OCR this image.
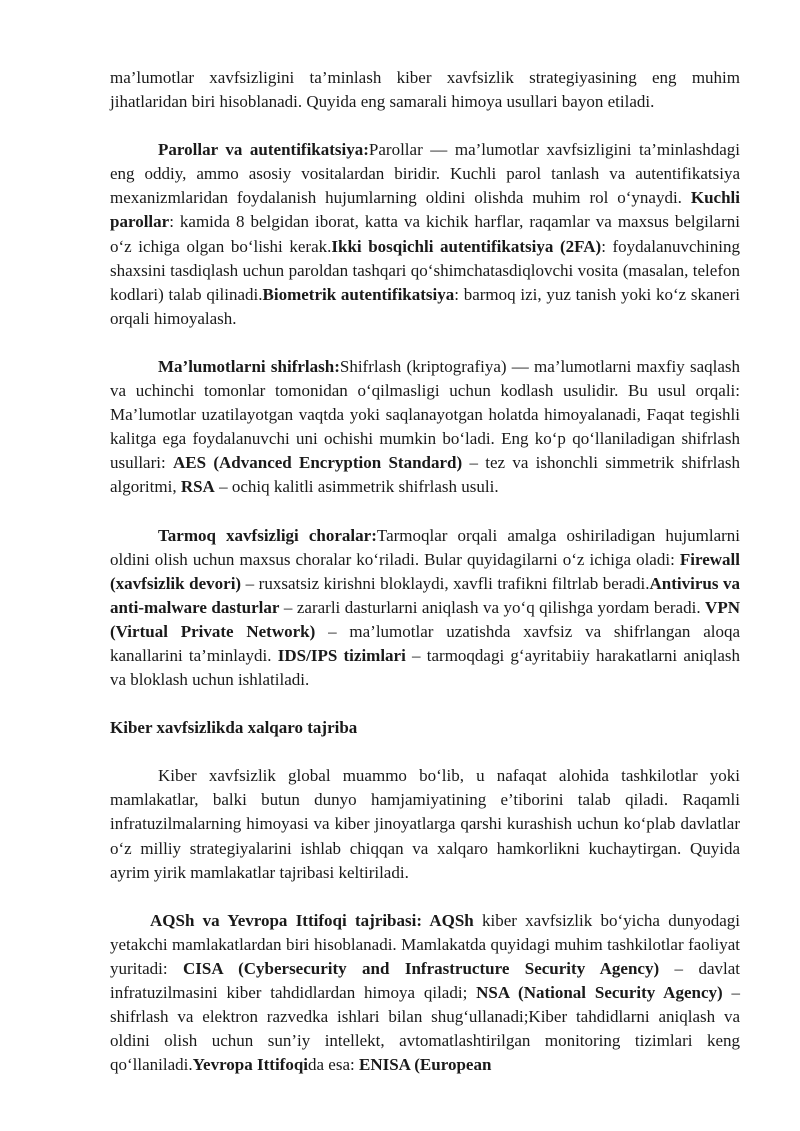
ma’lumotlar xavfsizligini ta’minlash kiber xavfsizlik strategiyasining eng muhim jihatlaridan biri hisoblanadi. Quyida eng samarali himoya usullari bayon etiladi.

Parollar va autentifikatsiya:Parollar — ma’lumotlar xavfsizligini ta’minlashdagi eng oddiy, ammo asosiy vositalardan biridir. Kuchli parol tanlash va autentifikatsiya mexanizmlaridan foydalanish hujumlarning oldini olishda muhim rol o‘ynaydi. Kuchli parollar: kamida 8 belgidan iborat, katta va kichik harflar, raqamlar va maxsus belgilarni o‘z ichiga olgan bo‘lishi kerak.Ikki bosqichli autentifikatsiya (2FA): foydalanuvchining shaxsini tasdiqlash uchun paroldan tashqari qo‘shimchatasdiqlovchi vosita (masalan, telefon kodlari) talab qilinadi.Biometrik autentifikatsiya: barmoq izi, yuz tanish yoki ko‘z skaneri orqali himoyalash.

Ma’lumotlarni shifrlash:Shifrlash (kriptografiya) — ma’lumotlarni maxfiy saqlash va uchinchi tomonlar tomonidan o‘qilmasligi uchun kodlash usulidir. Bu usul orqali: Ma’lumotlar uzatilayotgan vaqtda yoki saqlanayotgan holatda himoyalanadi, Faqat tegishli kalitga ega foydalanuvchi uni ochishi mumkin bo‘ladi. Eng ko‘p qo‘llaniladigan shifrlash usullari: AES (Advanced Encryption Standard) – tez va ishonchli simmetrik shifrlash algoritmi, RSA – ochiq kalitli asimmetrik shifrlash usuli.

Tarmoq xavfsizligi choralar:Tarmoqlar orqali amalga oshiriladigan hujumlarni oldini olish uchun maxsus choralar ko‘riladi. Bular quyidagilarni o‘z ichiga oladi: Firewall (xavfsizlik devori) – ruxsatsiz kirishni bloklaydi, xavfli trafikni filtrlab beradi.Antivirus va anti-malware dasturlar – zararli dasturlarni aniqlash va yo‘q qilishga yordam beradi. VPN (Virtual Private Network) – ma’lumotlar uzatishda xavfsiz va shifrlangan aloqa kanallarini ta’minlaydi. IDS/IPS tizimlari – tarmoqdagi g‘ayritabiiy harakatlarni aniqlash va bloklash uchun ishlatiladi.

Kiber xavfsizlikda xalqaro tajriba

Kiber xavfsizlik global muammo bo‘lib, u nafaqat alohida tashkilotlar yoki mamlakatlar, balki butun dunyo hamjamiyatining e’tiborini talab qiladi. Raqamli infratuzilmalarning himoyasi va kiber jinoyatlarga qarshi kurashish uchun ko‘plab davlatlar o‘z milliy strategiyalarini ishlab chiqqan va xalqaro hamkorlikni kuchaytirgan. Quyida ayrim yirik mamlakatlar tajribasi keltiriladi.

AQSh va Yevropa Ittifoqi tajribasi: AQSh kiber xavfsizlik bo‘yicha dunyodagi yetakchi mamlakatlardan biri hisoblanadi. Mamlakatda quyidagi muhim tashkilotlar faoliyat yuritadi: CISA (Cybersecurity and Infrastructure Security Agency) – davlat infratuzilmasini kiber tahdidlardan himoya qiladi; NSA (National Security Agency) – shifrlash va elektron razvedka ishlari bilan shug‘ullanadi;Kiber tahdidlarni aniqlash va oldini olish uchun sun’iy intellekt, avtomatlashtirilgan monitoring tizimlari keng qo‘llaniladi.Yevropa Ittifoqida esa: ENISA (European
